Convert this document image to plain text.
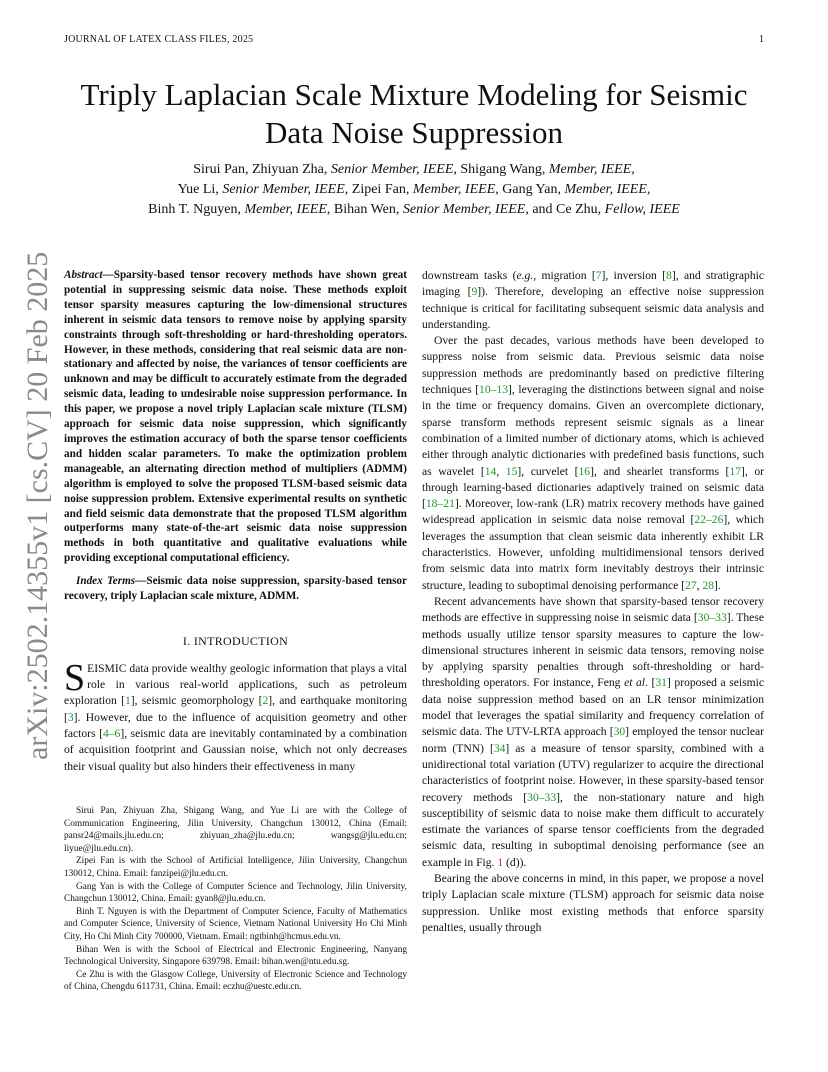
JOURNAL OF LATEX CLASS FILES, 2025	1
Triply Laplacian Scale Mixture Modeling for Seismic Data Noise Suppression
Sirui Pan, Zhiyuan Zha, Senior Member, IEEE, Shigang Wang, Member, IEEE,
Yue Li, Senior Member, IEEE, Zipei Fan, Member, IEEE, Gang Yan, Member, IEEE,
Binh T. Nguyen, Member, IEEE, Bihan Wen, Senior Member, IEEE, and Ce Zhu, Fellow, IEEE
arXiv:2502.14355v1 [cs.CV] 20 Feb 2025 Abstract—Sparsity-based tensor recovery methods have shown great potential in suppressing seismic data noise. These methods exploit tensor sparsity measures capturing the low-dimensional structures inherent in seismic data tensors to remove noise by applying sparsity constraints through soft-thresholding or hard-thresholding operators. However, in these methods, considering that real seismic data are non-stationary and affected by noise, the variances of tensor coefficients are unknown and may be difficult to accurately estimate from the degraded seismic data, leading to undesirable noise suppression performance. In this paper, we propose a novel triply Laplacian scale mixture (TLSM) approach for seismic data noise suppression, which significantly improves the estimation accuracy of both the sparse tensor coefficients and hidden scalar parameters. To make the optimization problem manageable, an alternating direction method of multipliers (ADMM) algorithm is employed to solve the proposed TLSM-based seismic data noise suppression problem. Extensive experimental results on synthetic and field seismic data demonstrate that the proposed TLSM algorithm outperforms many state-of-the-art seismic data noise suppression methods in both quantitative and qualitative evaluations while providing exceptional computational efficiency.

Index Terms—Seismic data noise suppression, sparsity-based tensor recovery, triply Laplacian scale mixture, ADMM.

I. INTRODUCTION

SEISMIC data provide wealthy geologic information that plays a vital role in various real-world applications, such as petroleum exploration [1], seismic geomorphology [2], and earthquake monitoring [3]. However, due to the influence of acquisition geometry and other factors [4–6], seismic data are inevitably contaminated by a combination of acquisition footprint and Gaussian noise, which not only decreases their visual quality but also hinders their effectiveness in many

Sirui Pan, Zhiyuan Zha, Shigang Wang, and Yue Li are with the College of Communication Engineering, Jilin University, Changchun 130012, China (Email: pansr24@mails.jlu.edu.cn; zhiyuan_zha@jlu.edu.cn; wangsg@jlu.edu.cn; liyue@jlu.edu.cn).

Zipei Fan is with the School of Artificial Intelligence, Jilin University, Changchun 130012, China. Email: fanzipei@jlu.edu.cn.

Gang Yan is with the College of Computer Science and Technology, Jilin University, Changchun 130012, China. Email: gyan8@jlu.edu.cn.

Binh T. Nguyen is with the Department of Computer Science, Faculty of Mathematics and Computer Science, University of Science, Vietnam National University Ho Chi Minh City, Ho Chi Minh City 700000, Vietnam. Email: ngtbinh@hcmus.edu.vn.

Bihan Wen is with the School of Electrical and Electronic Engineering, Nanyang Technological University, Singapore 639798. Email: bihan.wen@ntu.edu.sg.

Ce Zhu is with the Glasgow College, University of Electronic Science and Technology of China, Chengdu 611731, China. Email: eczhu@uestc.edu.cn.

downstream tasks (e.g., migration [7], inversion [8], and stratigraphic imaging [9]). Therefore, developing an effective noise suppression technique is critical for facilitating subsequent seismic data analysis and understanding.

Over the past decades, various methods have been developed to suppress noise from seismic data. Previous seismic data noise suppression methods are predominantly based on predictive filtering techniques [10–13], leveraging the distinctions between signal and noise in the time or frequency domains. Given an overcomplete dictionary, sparse transform methods represent seismic signals as a linear combination of a limited number of dictionary atoms, which is achieved either through analytic dictionaries with predefined basis functions, such as wavelet [14, 15], curvelet [16], and shearlet transforms [17], or through learning-based dictionaries adaptively trained on seismic data [18–21]. Moreover, low-rank (LR) matrix recovery methods have gained widespread application in seismic data noise removal [22–26], which leverages the assumption that clean seismic data inherently exhibit LR characteristics. However, unfolding multidimensional tensors derived from seismic data into matrix form inevitably destroys their intrinsic structure, leading to suboptimal denoising performance [27, 28].

Recent advancements have shown that sparsity-based tensor recovery methods are effective in suppressing noise in seismic data [30–33]. These methods usually utilize tensor sparsity measures to capture the low-dimensional structures inherent in seismic data tensors, removing noise by applying sparsity penalties through soft-thresholding or hard-thresholding operators. For instance, Feng et al. [31] proposed a seismic data noise suppression method based on an LR tensor minimization model that leverages the spatial similarity and frequency correlation of seismic data. The UTV-LRTA approach [30] employed the tensor nuclear norm (TNN) [34] as a measure of tensor sparsity, combined with a unidirectional total variation (UTV) regularizer to acquire the directional characteristics of footprint noise. However, in these sparsity-based tensor recovery methods [30–33], the non-stationary nature and high susceptibility of seismic data to noise make them difficult to accurately estimate the variances of sparse tensor coefficients from the degraded seismic data, resulting in suboptimal denoising performance (see an example in Fig. 1 (d)).

Bearing the above concerns in mind, in this paper, we propose a novel triply Laplacian scale mixture (TLSM) approach for seismic data noise suppression. Unlike most existing methods that enforce sparsity penalties, usually through
